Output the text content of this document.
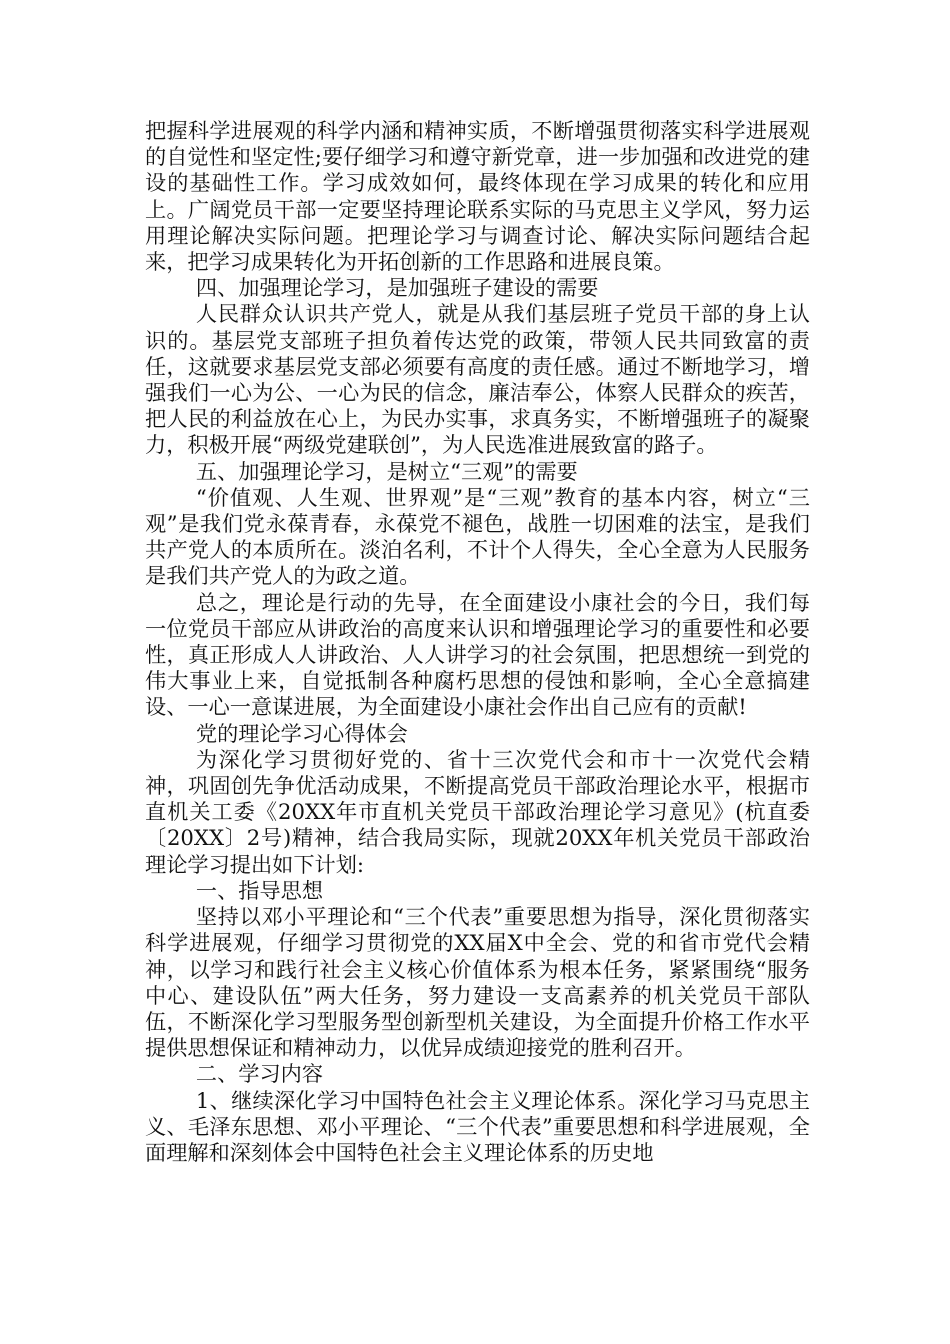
把握科学进展观的科学内涵和精神实质，不断增强贯彻落实科学进展观的自觉性和坚定性;要仔细学习和遵守新党章，进一步加强和改进党的建设的基础性工作。学习成效如何，最终体现在学习成果的转化和应用上。广阔党员干部一定要坚持理论联系实际的马克思主义学风，努力运用理论解决实际问题。把理论学习与调查讨论、解决实际问题结合起来，把学习成果转化为开拓创新的工作思路和进展良策。

四、加强理论学习，是加强班子建设的需要

人民群众认识共产党人，就是从我们基层班子党员干部的身上认识的。基层党支部班子担负着传达党的政策，带领人民共同致富的责任，这就要求基层党支部必须要有高度的责任感。通过不断地学习，增强我们一心为公、一心为民的信念，廉洁奉公，体察人民群众的疾苦，把人民的利益放在心上，为民办实事，求真务实，不断增强班子的凝聚力，积极开展“两级党建联创”，为人民选准进展致富的路子。

五、加强理论学习，是树立“三观”的需要

“价值观、人生观、世界观”是“三观”教育的基本内容，树立“三观”是我们党永葆青春，永葆党不褪色，战胜一切困难的法宝，是我们共产党人的本质所在。淡泊名利，不计个人得失，全心全意为人民服务是我们共产党人的为政之道。

总之，理论是行动的先导，在全面建设小康社会的今日，我们每一位党员干部应从讲政治的高度来认识和增强理论学习的重要性和必要性，真正形成人人讲政治、人人讲学习的社会氛围，把思想统一到党的伟大事业上来，自觉抵制各种腐朽思想的侵蚀和影响，全心全意搞建设、一心一意谋进展，为全面建设小康社会作出自己应有的贡献!

党的理论学习心得体会

为深化学习贯彻好党的、省十三次党代会和市十一次党代会精神，巩固创先争优活动成果，不断提高党员干部政治理论水平，根据市直机关工委《20XX年市直机关党员干部政治理论学习意见》(杭直委〔20XX〕2号)精神，结合我局实际，现就20XX年机关党员干部政治理论学习提出如下计划:

一、指导思想

坚持以邓小平理论和“三个代表”重要思想为指导，深化贯彻落实科学进展观，仔细学习贯彻党的XX届X中全会、党的和省市党代会精神，以学习和践行社会主义核心价值体系为根本任务，紧紧围绕“服务中心、建设队伍”两大任务，努力建设一支高素养的机关党员干部队伍，不断深化学习型服务型创新型机关建设，为全面提升价格工作水平提供思想保证和精神动力，以优异成绩迎接党的胜利召开。

二、学习内容

1、继续深化学习中国特色社会主义理论体系。深化学习马克思主义、毛泽东思想、邓小平理论、“三个代表”重要思想和科学进展观，全面理解和深刻体会中国特色社会主义理论体系的历史地
